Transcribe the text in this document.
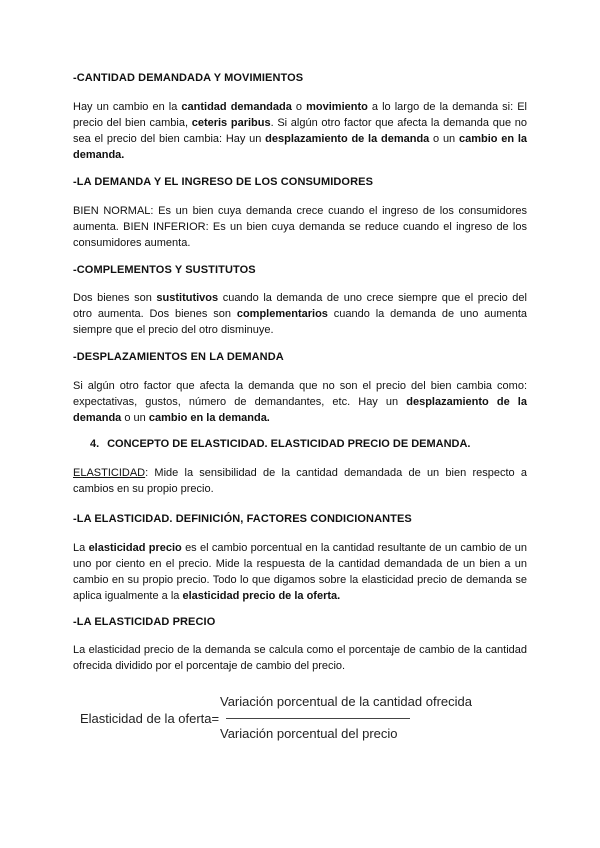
-CANTIDAD DEMANDADA Y MOVIMIENTOS
Hay un cambio en la cantidad demandada o movimiento a lo largo de la demanda si: El precio del bien cambia, ceteris paribus. Si algún otro factor que afecta la demanda que no sea el precio del bien cambia: Hay un desplazamiento de la demanda o un cambio en la demanda.
-LA DEMANDA Y EL INGRESO DE LOS CONSUMIDORES
BIEN NORMAL: Es un bien cuya demanda crece cuando el ingreso de los consumidores aumenta. BIEN INFERIOR: Es un bien cuya demanda se reduce cuando el ingreso de los consumidores aumenta.
-COMPLEMENTOS Y SUSTITUTOS
Dos bienes son sustitutivos cuando la demanda de uno crece siempre que el precio del otro aumenta. Dos bienes son complementarios cuando la demanda de uno aumenta siempre que el precio del otro disminuye.
-DESPLAZAMIENTOS EN LA DEMANDA
Si algún otro factor que afecta la demanda que no son el precio del bien cambia como: expectativas, gustos, número de demandantes, etc. Hay un desplazamiento de la demanda o un cambio en la demanda.
4. CONCEPTO DE ELASTICIDAD. ELASTICIDAD PRECIO DE DEMANDA.
ELASTICIDAD: Mide la sensibilidad de la cantidad demandada de un bien respecto a cambios en su propio precio.
-LA ELASTICIDAD. DEFINICIÓN, FACTORES CONDICIONANTES
La elasticidad precio es el cambio porcentual en la cantidad resultante de un cambio de un uno por ciento en el precio. Mide la respuesta de la cantidad demandada de un bien a un cambio en su propio precio. Todo lo que digamos sobre la elasticidad precio de demanda se aplica igualmente a la elasticidad precio de la oferta.
-LA ELASTICIDAD PRECIO
La elasticidad precio de la demanda se calcula como el porcentaje de cambio de la cantidad ofrecida dividido por el porcentaje de cambio del precio.
Elasticidad de la oferta=
Variación porcentual de la cantidad ofrecida
Variación porcentual del precio
